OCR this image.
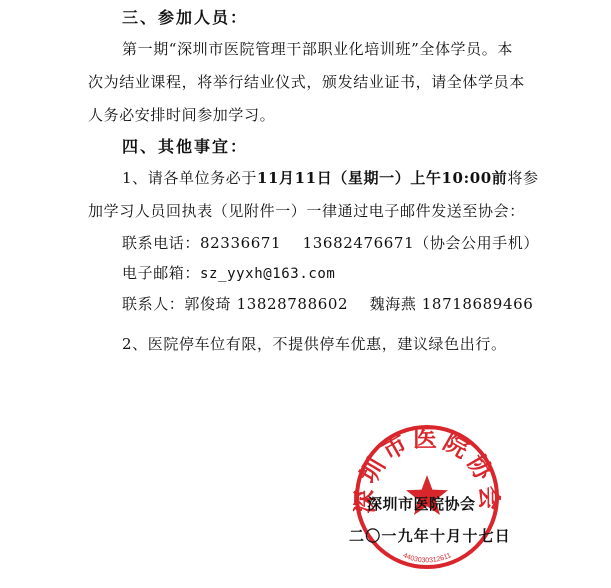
三、参加人员：
第一期“深圳市医院管理干部职业化培训班”全体学员。本
次为结业课程，将举行结业仪式，颁发结业证书，请全体学员本
人务必安排时间参加学习。
四、其他事宜：
1、请各单位务必于11月11日（星期一）上午10:00前将参
加学习人员回执表（见附件一）一律通过电子邮件发送至协会：
联系电话：82336671    13682476671（协会公用手机）
电子邮箱：sz_yyxh@163.com
联系人：郭俊琦 13828788602    魏海燕 18718689466
2、医院停车位有限，不提供停车优惠，建议绿色出行。
深圳市医院协会
4403030312611
深圳市医院协会
二〇一九年十月十七日
